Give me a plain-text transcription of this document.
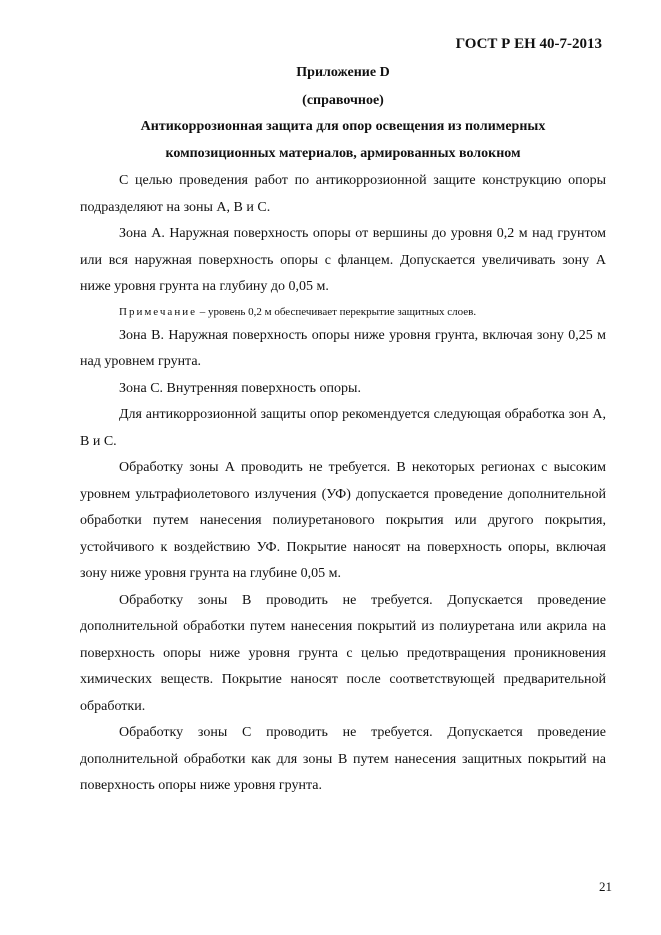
ГОСТ Р ЕН 40-7-2013
Приложение D
(справочное)
Антикоррозионная защита для опор освещения из полимерных
композиционных материалов, армированных волокном

С целью проведения работ по антикоррозионной защите конструкцию опоры подразделяют на зоны А, В и С.

Зона А. Наружная поверхность опоры от вершины до уровня 0,2 м над грунтом или вся наружная поверхность опоры с фланцем. Допускается увеличивать зону А ниже уровня грунта на глубину до 0,05 м.

Примечание – уровень 0,2 м обеспечивает перекрытие защитных слоев.

Зона В. Наружная поверхность опоры ниже уровня грунта, включая зону 0,25 м над уровнем грунта.

Зона С. Внутренняя поверхность опоры.

Для антикоррозионной защиты опор рекомендуется следующая обработка зон А, В и С.

Обработку зоны А проводить не требуется. В некоторых регионах с высоким уровнем ультрафиолетового излучения (УФ) допускается проведение дополнительной обработки путем нанесения полиуретанового покрытия или другого покрытия, устойчивого к воздействию УФ. Покрытие наносят на поверхность опоры, включая зону ниже уровня грунта на глубине 0,05 м.

Обработку зоны В проводить не требуется. Допускается проведение дополнительной обработки путем нанесения покрытий из полиуретана или акрила на поверхность опоры ниже уровня грунта с целью предотвращения проникновения химических веществ. Покрытие наносят после соответствующей предварительной обработки.

Обработку зоны С проводить не требуется. Допускается проведение дополнительной обработки как для зоны В путем нанесения защитных покрытий на поверхность опоры ниже уровня грунта.

21
